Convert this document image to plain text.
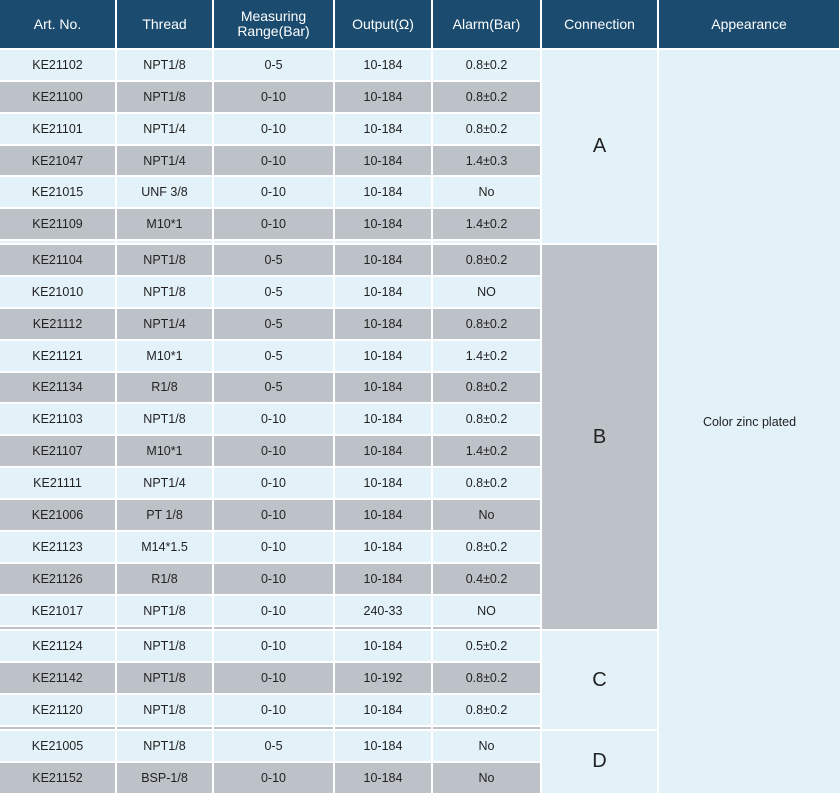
Art. No.	Thread	Measuring
Range(Bar)	Output(Ω)	Alarm(Bar)	Connection	Appearance
KE21102	NPT1/8	0-5	10-184	0.8±0.2	A	Color zinc plated
KE21100	NPT1/8	0-10	10-184	0.8±0.2		
KE21101	NPT1/4	0-10	10-184	0.8±0.2		
KE21047	NPT1/4	0-10	10-184	1.4±0.3		
KE21015	UNF 3/8	0-10	10-184	No		
KE21109	M10*1	0-10	10-184	1.4±0.2		

KE21104	NPT1/8	0-5	10-184	0.8±0.2	B	
KE21010	NPT1/8	0-5	10-184	NO		
KE21112	NPT1/4	0-5	10-184	0.8±0.2		
KE21121	M10*1	0-5	10-184	1.4±0.2		
KE21134	R1/8	0-5	10-184	0.8±0.2		
KE21103	NPT1/8	0-10	10-184	0.8±0.2		
KE21107	M10*1	0-10	10-184	1.4±0.2		
KE21111	NPT1/4	0-10	10-184	0.8±0.2		
KE21006	PT 1/8	0-10	10-184	No		
KE21123	M14*1.5	0-10	10-184	0.8±0.2		
KE21126	R1/8	0-10	10-184	0.4±0.2		
KE21017	NPT1/8	0-10	240-33	NO		

KE21124	NPT1/8	0-10	10-184	0.5±0.2	C	
KE21142	NPT1/8	0-10	10-192	0.8±0.2		
KE21120	NPT1/8	0-10	10-184	0.8±0.2		

KE21005	NPT1/8	0-5	10-184	No	D	
KE21152	BSP-1/8	0-10	10-184	No		
